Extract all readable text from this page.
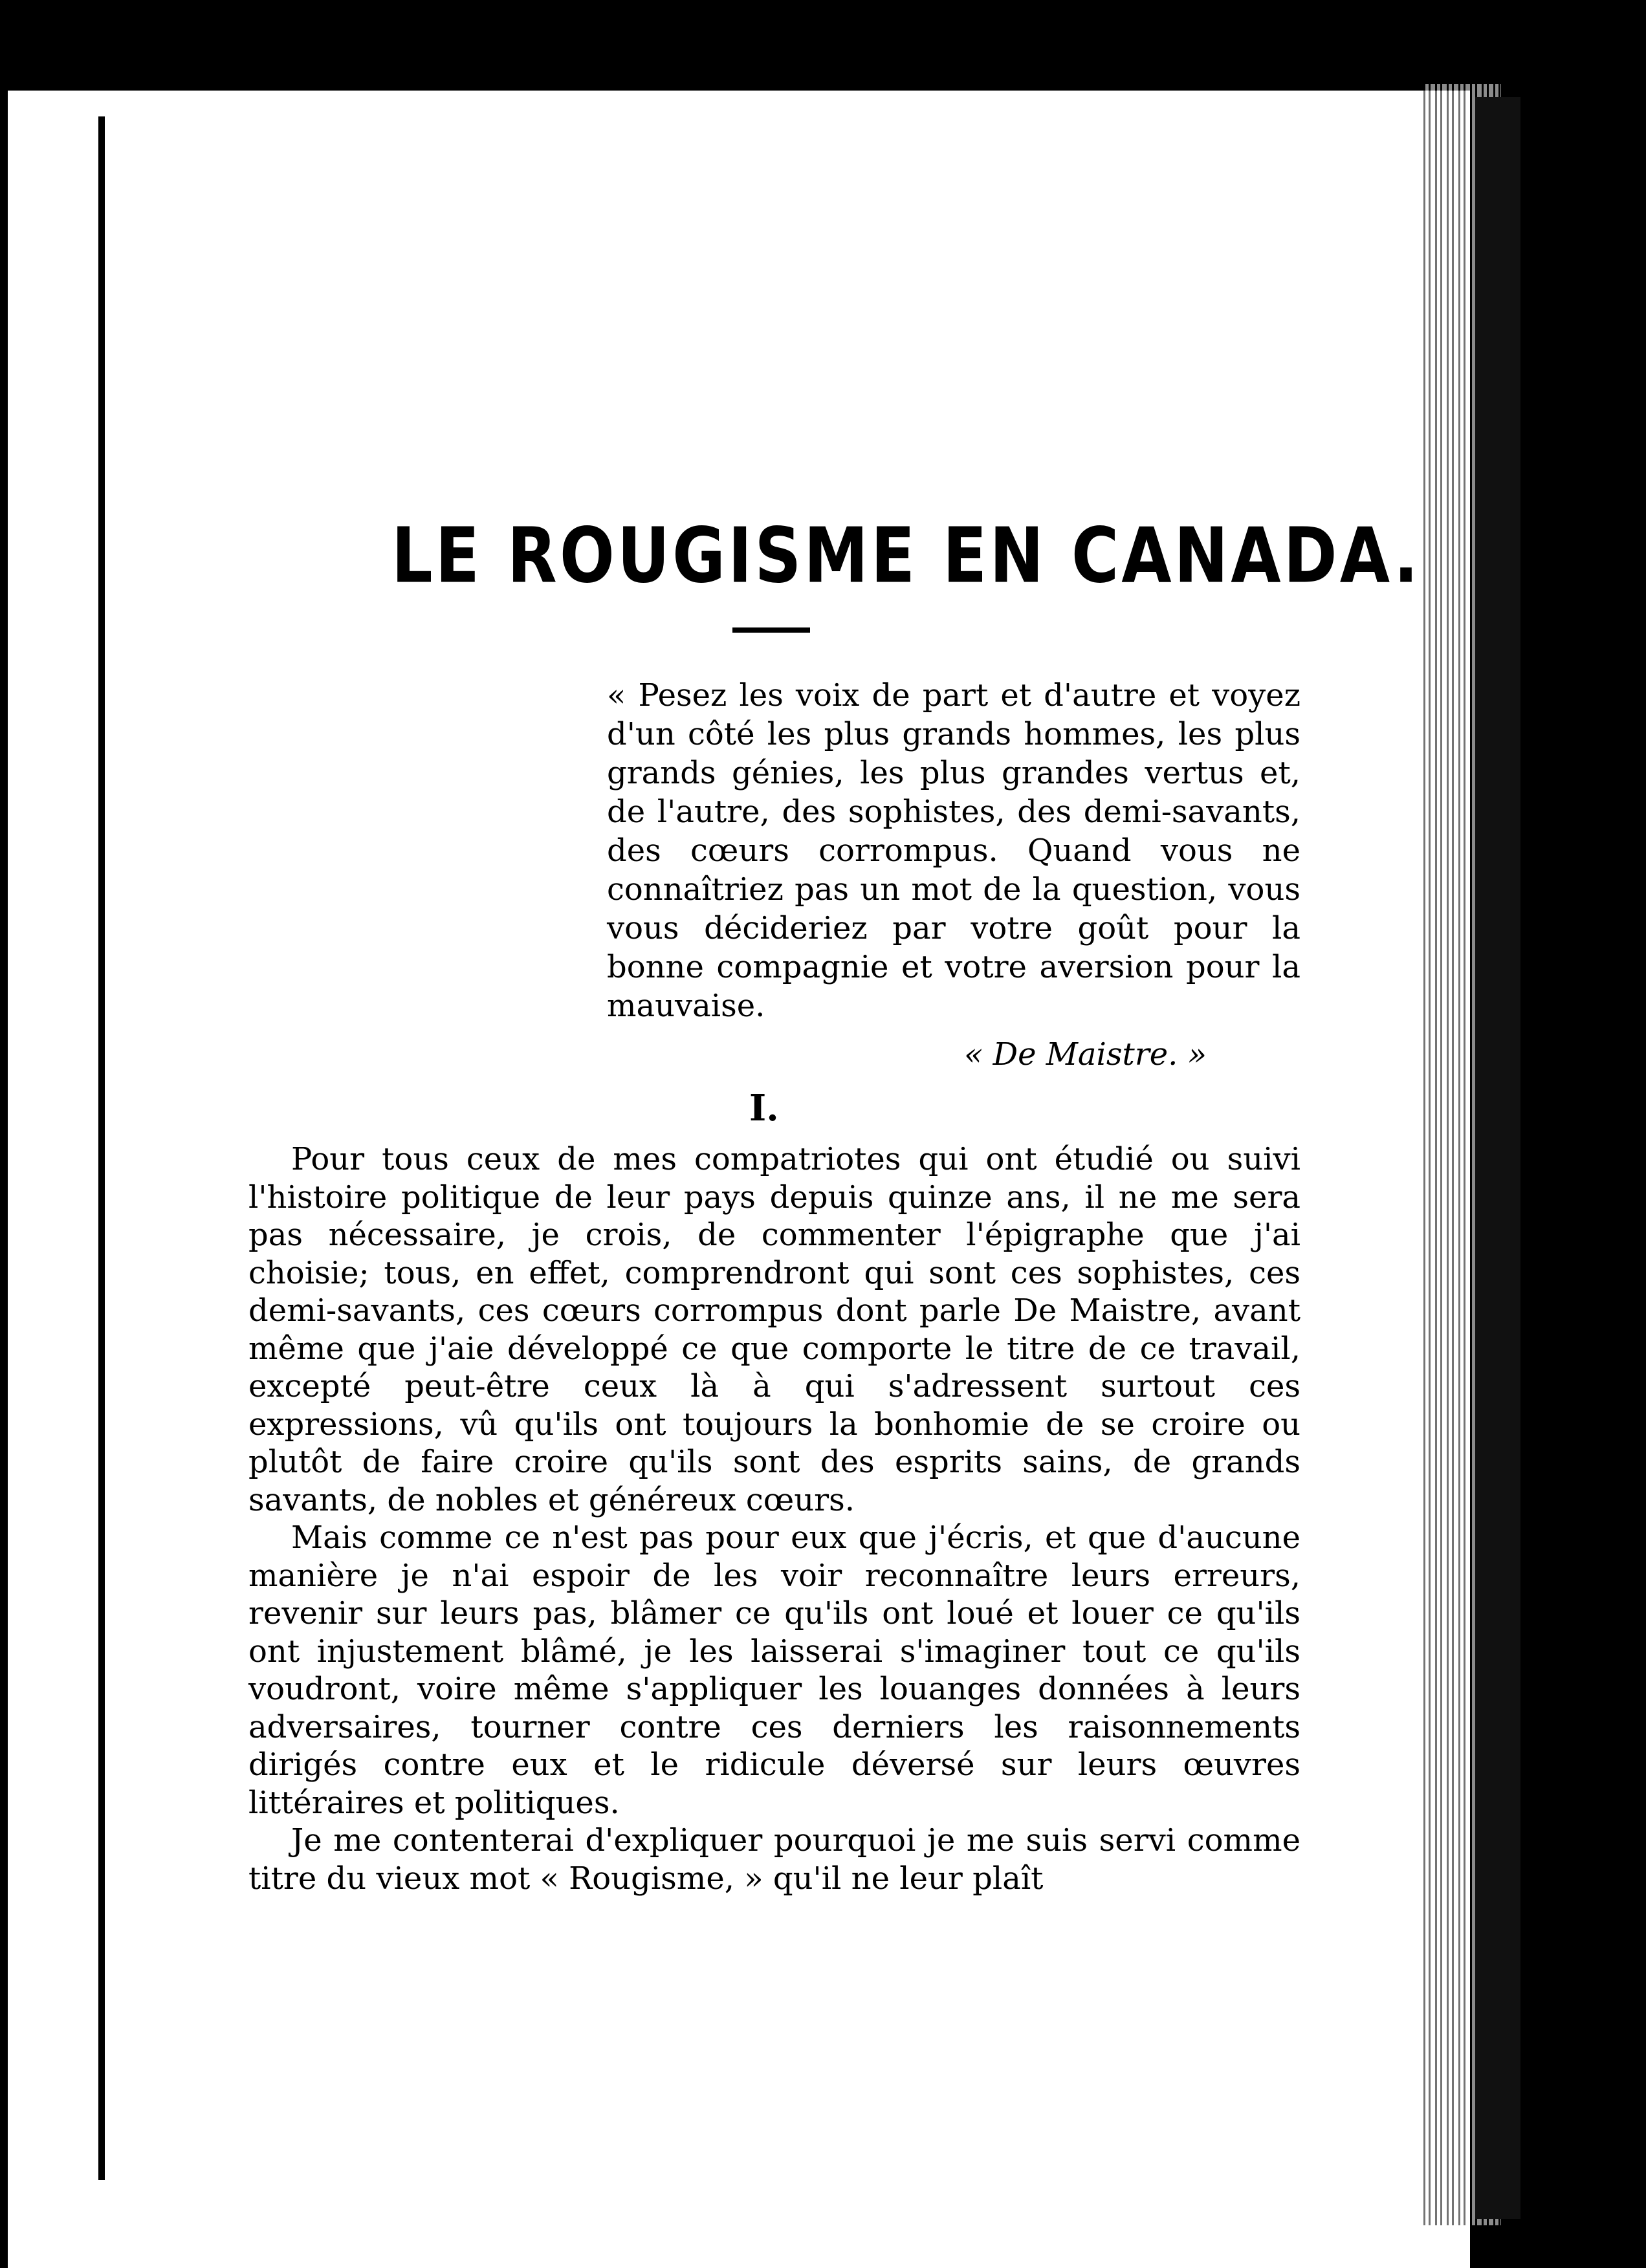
LE ROUGISME EN CANADA.
« Pesez les voix de part et d'autre et voyez d'un côté les plus grands hommes, les plus grands génies, les plus grandes vertus et, de l'autre, des sophistes, des demi-savants, des cœurs corrompus. Quand vous ne connaîtriez pas un mot de la question, vous vous décideriez par votre goût pour la bonne compagnie et votre aversion pour la mauvaise.
« De Maistre. »
I.

Pour tous ceux de mes compatriotes qui ont étudié ou suivi l'histoire politique de leur pays depuis quinze ans, il ne me sera pas nécessaire, je crois, de commenter l'épigraphe que j'ai choisie; tous, en effet, comprendront qui sont ces sophistes, ces demi-savants, ces cœurs corrompus dont parle De Maistre, avant même que j'aie développé ce que comporte le titre de ce travail, excepté peut-être ceux là à qui s'adressent surtout ces expressions, vû qu'ils ont toujours la bonhomie de se croire ou plutôt de faire croire qu'ils sont des esprits sains, de grands savants, de nobles et généreux cœurs.

Mais comme ce n'est pas pour eux que j'écris, et que d'aucune manière je n'ai espoir de les voir reconnaître leurs erreurs, revenir sur leurs pas, blâmer ce qu'ils ont loué et louer ce qu'ils ont injustement blâmé, je les laisserai s'imaginer tout ce qu'ils voudront, voire même s'appliquer les louanges données à leurs adversaires, tourner contre ces derniers les raisonnements dirigés contre eux et le ridicule déversé sur leurs œuvres littéraires et politiques.

Je me contenterai d'expliquer pourquoi je me suis servi comme titre du vieux mot « Rougisme, » qu'il ne leur plaît
